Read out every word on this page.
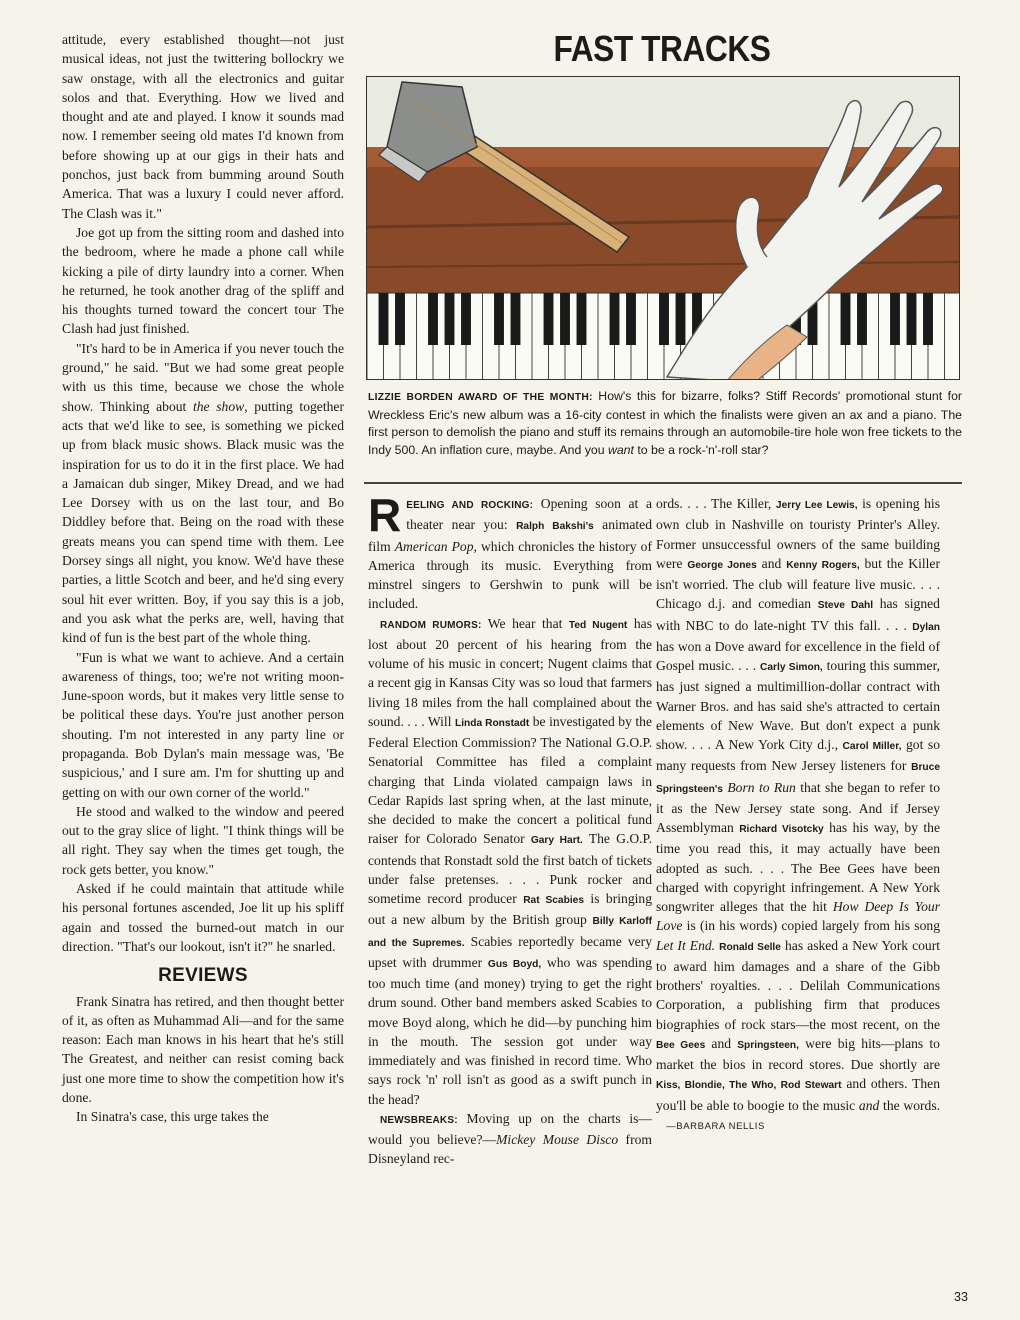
attitude, every established thought—not just musical ideas, not just the twittering bollockry we saw onstage, with all the electronics and guitar solos and that. Everything. How we lived and thought and ate and played. I know it sounds mad now. I remember seeing old mates I'd known from before showing up at our gigs in their hats and ponchos, just back from bumming around South America. That was a luxury I could never afford. The Clash was it."

Joe got up from the sitting room and dashed into the bedroom, where he made a phone call while kicking a pile of dirty laundry into a corner. When he returned, he took another drag of the spliff and his thoughts turned toward the concert tour The Clash had just finished.

"It's hard to be in America if you never touch the ground," he said. "But we had some great people with us this time, because we chose the whole show. Thinking about the show, putting together acts that we'd like to see, is something we picked up from black music shows. Black music was the inspiration for us to do it in the first place. We had a Jamaican dub singer, Mikey Dread, and we had Lee Dorsey with us on the last tour, and Bo Diddley before that. Being on the road with these greats means you can spend time with them. Lee Dorsey sings all night, you know. We'd have these parties, a little Scotch and beer, and he'd sing every soul hit ever written. Boy, if you say this is a job, and you ask what the perks are, well, having that kind of fun is the best part of the whole thing.

"Fun is what we want to achieve. And a certain awareness of things, too; we're not writing moon-June-spoon words, but it makes very little sense to be political these days. You're just another person shouting. I'm not interested in any party line or propaganda. Bob Dylan's main message was, 'Be suspicious,' and I sure am. I'm for shutting up and getting on with our own corner of the world."

He stood and walked to the window and peered out to the gray slice of light. "I think things will be all right. They say when the times get tough, the rock gets better, you know."

Asked if he could maintain that attitude while his personal fortunes ascended, Joe lit up his spliff again and tossed the burned-out match in our direction. "That's our lookout, isn't it?" he snarled.

REVIEWS

Frank Sinatra has retired, and then thought better of it, as often as Muhammad Ali—and for the same reason: Each man knows in his heart that he's still The Greatest, and neither can resist coming back just one more time to show the competition how it's done.

In Sinatra's case, this urge takes the

FAST TRACKS
LIZZIE BORDEN AWARD OF THE MONTH: How's this for bizarre, folks? Stiff Records' promotional stunt for Wreckless Eric's new album was a 16-city contest in which the finalists were given an ax and a piano. The first person to demolish the piano and stuff its remains through an automobile-tire hole won free tickets to the Indy 500. An inflation cure, maybe. And you want to be a rock-'n'-roll star?

REELING AND ROCKING: Opening soon at a theater near you: Ralph Bakshi's animated film American Pop, which chronicles the history of America through its music. Everything from minstrel singers to Gershwin to punk will be included.

RANDOM RUMORS: We hear that Ted Nugent has lost about 20 percent of his hearing from the volume of his music in concert; Nugent claims that a recent gig in Kansas City was so loud that farmers living 18 miles from the hall complained about the sound. . . . Will Linda Ronstadt be investigated by the Federal Election Commission? The National G.O.P. Senatorial Committee has filed a complaint charging that Linda violated campaign laws in Cedar Rapids last spring when, at the last minute, she decided to make the concert a political fund raiser for Colorado Senator Gary Hart. The G.O.P. contends that Ronstadt sold the first batch of tickets under false pretenses. . . . Punk rocker and sometime record producer Rat Scabies is bringing out a new album by the British group Billy Karloff and the Supremes. Scabies reportedly became very upset with drummer Gus Boyd, who was spending too much time (and money) trying to get the right drum sound. Other band members asked Scabies to move Boyd along, which he did—by punching him in the mouth. The session got under way immediately and was finished in record time. Who says rock 'n' roll isn't as good as a swift punch in the head?

NEWSBREAKS: Moving up on the charts is—would you believe?—Mickey Mouse Disco from Disneyland rec-

ords. . . . The Killer, Jerry Lee Lewis, is opening his own club in Nashville on touristy Printer's Alley. Former unsuccessful owners of the same building were George Jones and Kenny Rogers, but the Killer isn't worried. The club will feature live music. . . . Chicago d.j. and comedian Steve Dahl has signed with NBC to do late-night TV this fall. . . . Dylan has won a Dove award for excellence in the field of Gospel music. . . . Carly Simon, touring this summer, has just signed a multimillion-dollar contract with Warner Bros. and has said she's attracted to certain elements of New Wave. But don't expect a punk show. . . . A New York City d.j., Carol Miller, got so many requests from New Jersey listeners for Bruce Springsteen's Born to Run that she began to refer to it as the New Jersey state song. And if Jersey Assemblyman Richard Visotcky has his way, by the time you read this, it may actually have been adopted as such. . . . The Bee Gees have been charged with copyright infringement. A New York songwriter alleges that the hit How Deep Is Your Love is (in his words) copied largely from his song Let It End. Ronald Selle has asked a New York court to award him damages and a share of the Gibb brothers' royalties. . . . Delilah Communications Corporation, a publishing firm that produces biographies of rock stars—the most recent, on the Bee Gees and Springsteen, were big hits—plans to market the bios in record stores. Due shortly are Kiss, Blondie, The Who, Rod Stewart and others. Then you'll be able to boogie to the music and the words.    —BARBARA NELLIS

33
